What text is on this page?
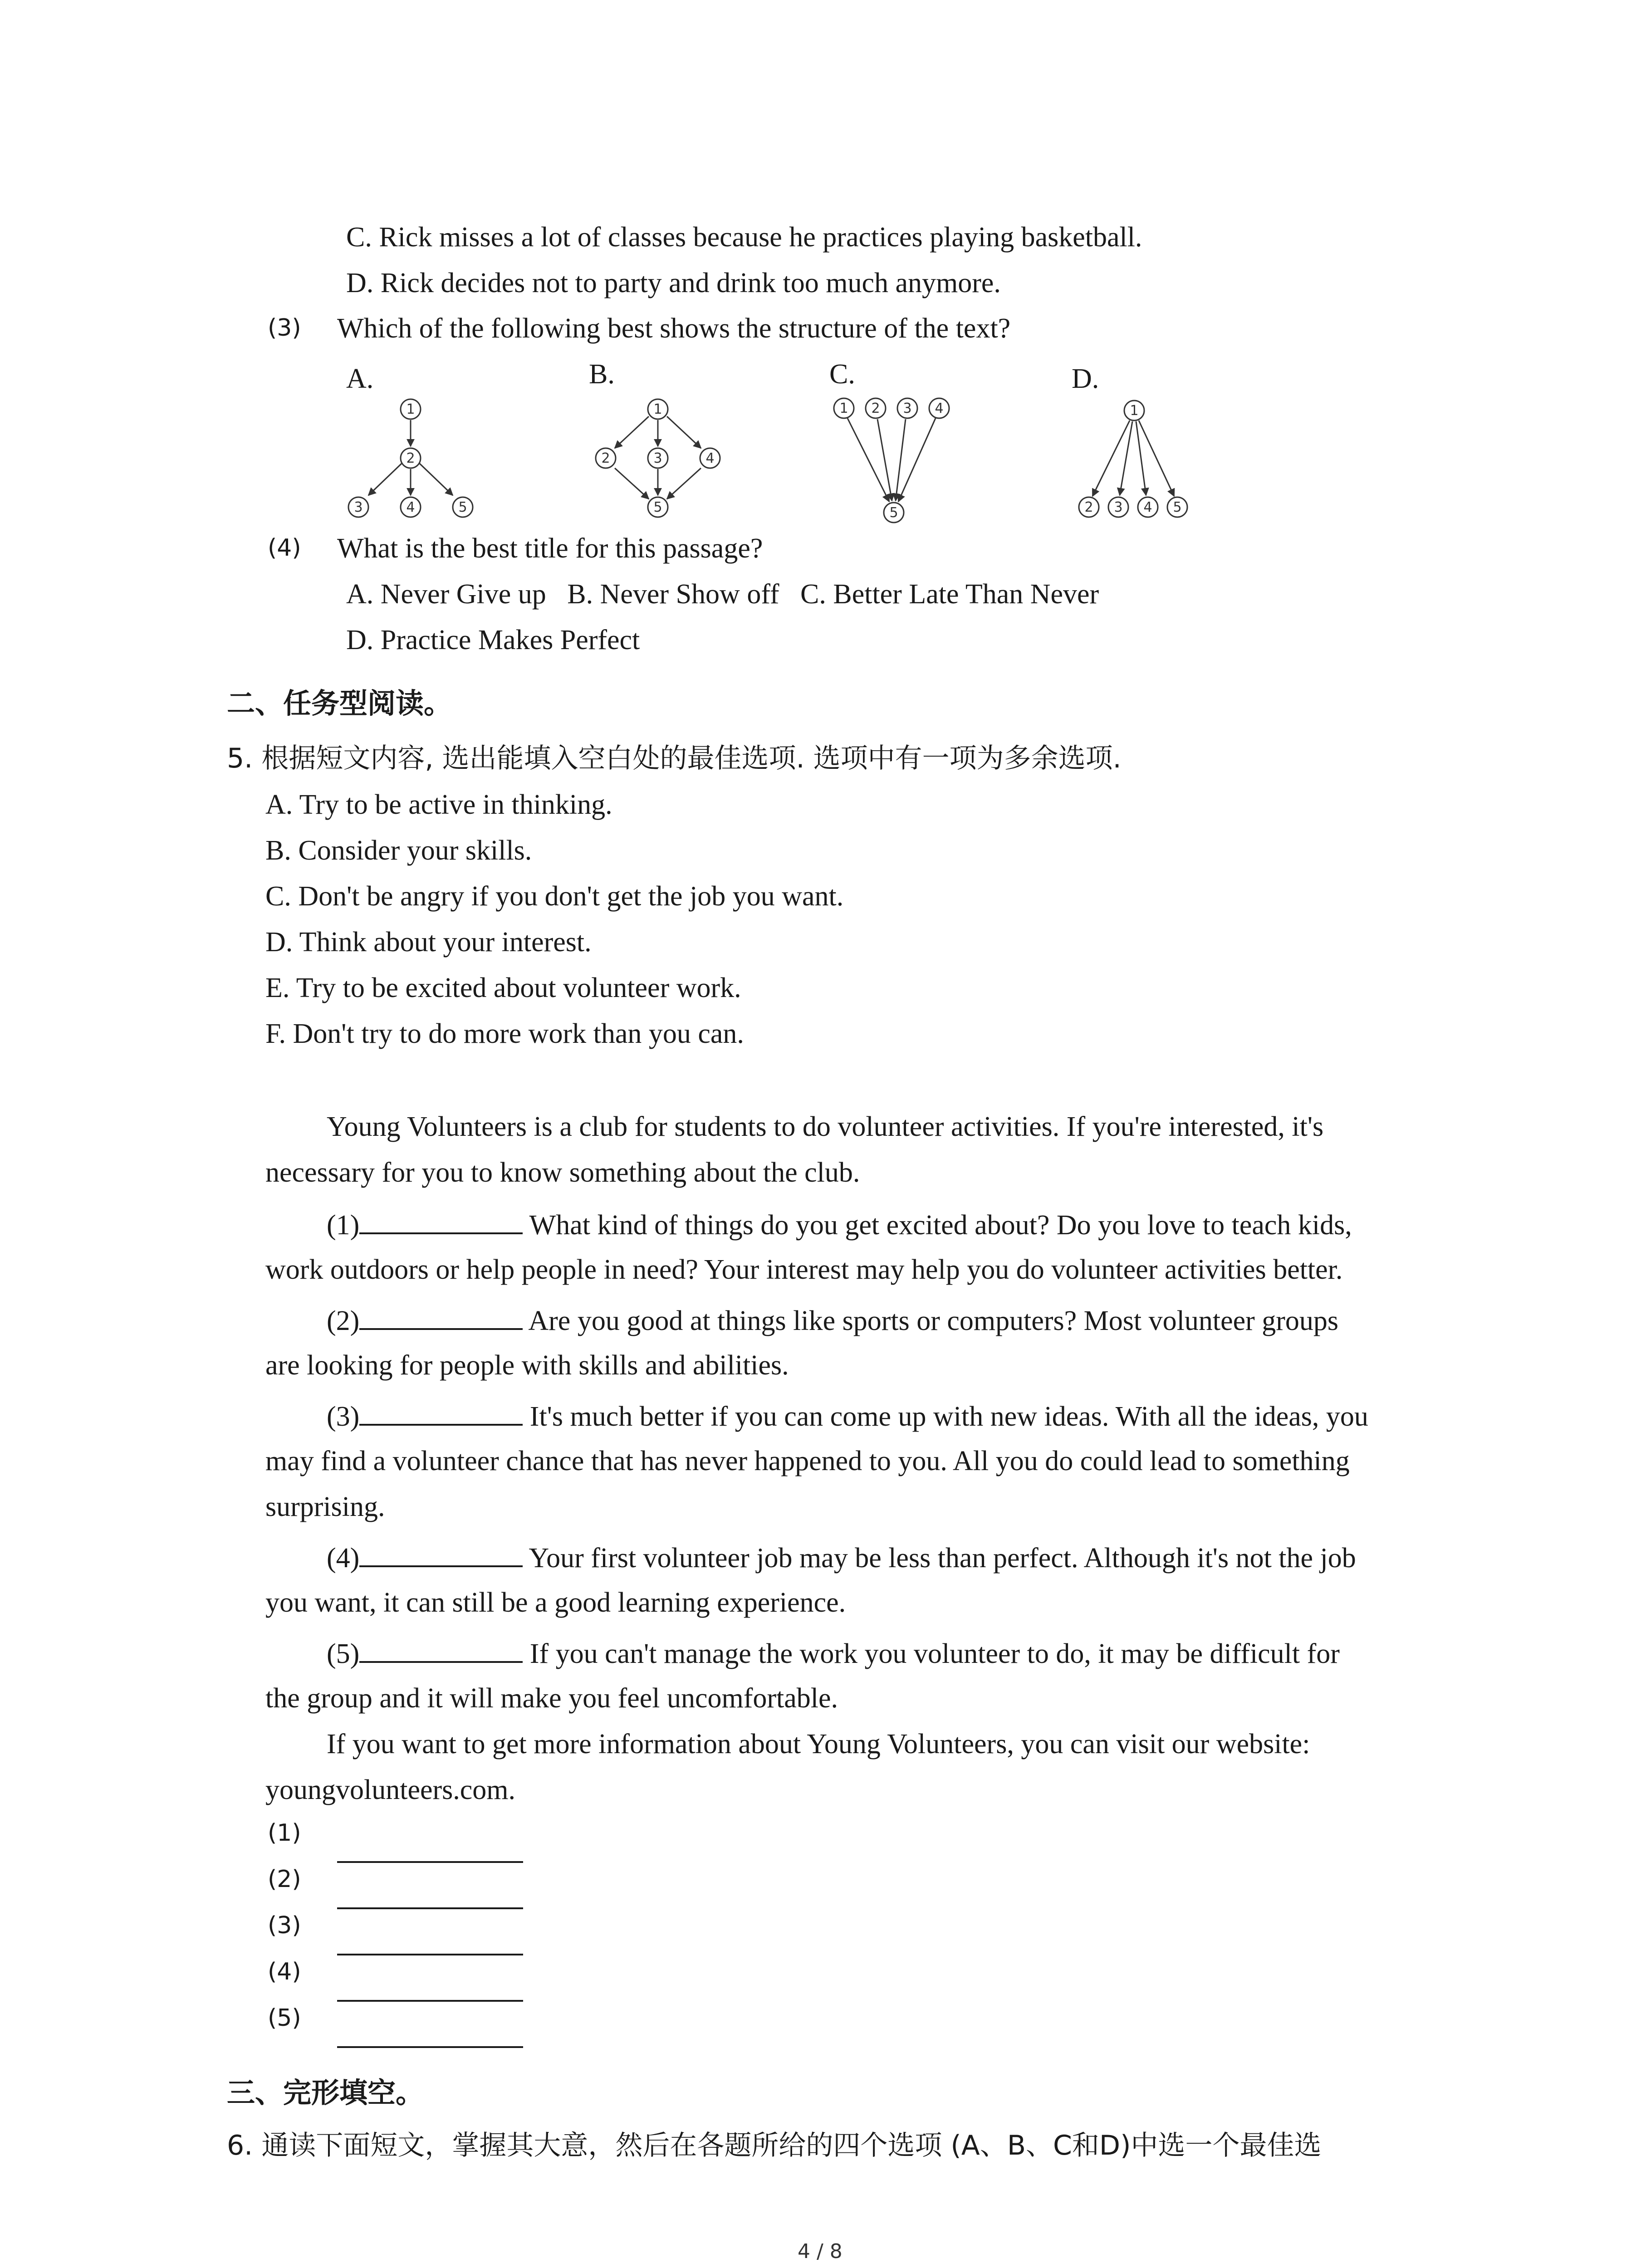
C. Rick misses a lot of classes because he practices playing basketball.
D. Rick decides not to party and drink too much anymore.
(3) Which of the following best shows the structure of the text?
A.	B.	C.	D.
1
2
3	4	5
1
2	3	4
5
1 2 3 4
5
1
2 3 4 5
(4) What is the best title for this passage?
A. Never Give up   B. Never Show off   C. Better Late Than Never
D. Practice Makes Perfect
二、任务型阅读。
5. 根据短文内容, 选出能填入空白处的最佳选项. 选项中有一项为多余选项.
A. Try to be active in thinking.
B. Consider your skills.
C. Don't be angry if you don't get the job you want.
D. Think about your interest.
E. Try to be excited about volunteer work.
F. Don't try to do more work than you can.
Young Volunteers is a club for students to do volunteer activities. If you're interested, it's
necessary for you to know something about the club.
(1)	What kind of things do you get excited about? Do you love to teach kids,
work outdoors or help people in need? Your interest may help you do volunteer activities better.
(2)	Are you good at things like sports or computers? Most volunteer groups
are looking for people with skills and abilities.
(3)	It's much better if you can come up with new ideas. With all the ideas, you
may find a volunteer chance that has never happened to you. All you do could lead to something
surprising.
(4)	Your first volunteer job may be less than perfect. Although it's not the job
you want, it can still be a good learning experience.
(5)	If you can't manage the work you volunteer to do, it may be difficult for
the group and it will make you feel uncomfortable.
If you want to get more information about Young Volunteers, you can visit our website:
youngvolunteers.com.
(1)
(2)
(3)
(4)
(5)
三、完形填空。
6. 通读下面短文，掌握其大意，然后在各题所给的四个选项 (A、B、C和D)中选一个最佳选
4 / 8
